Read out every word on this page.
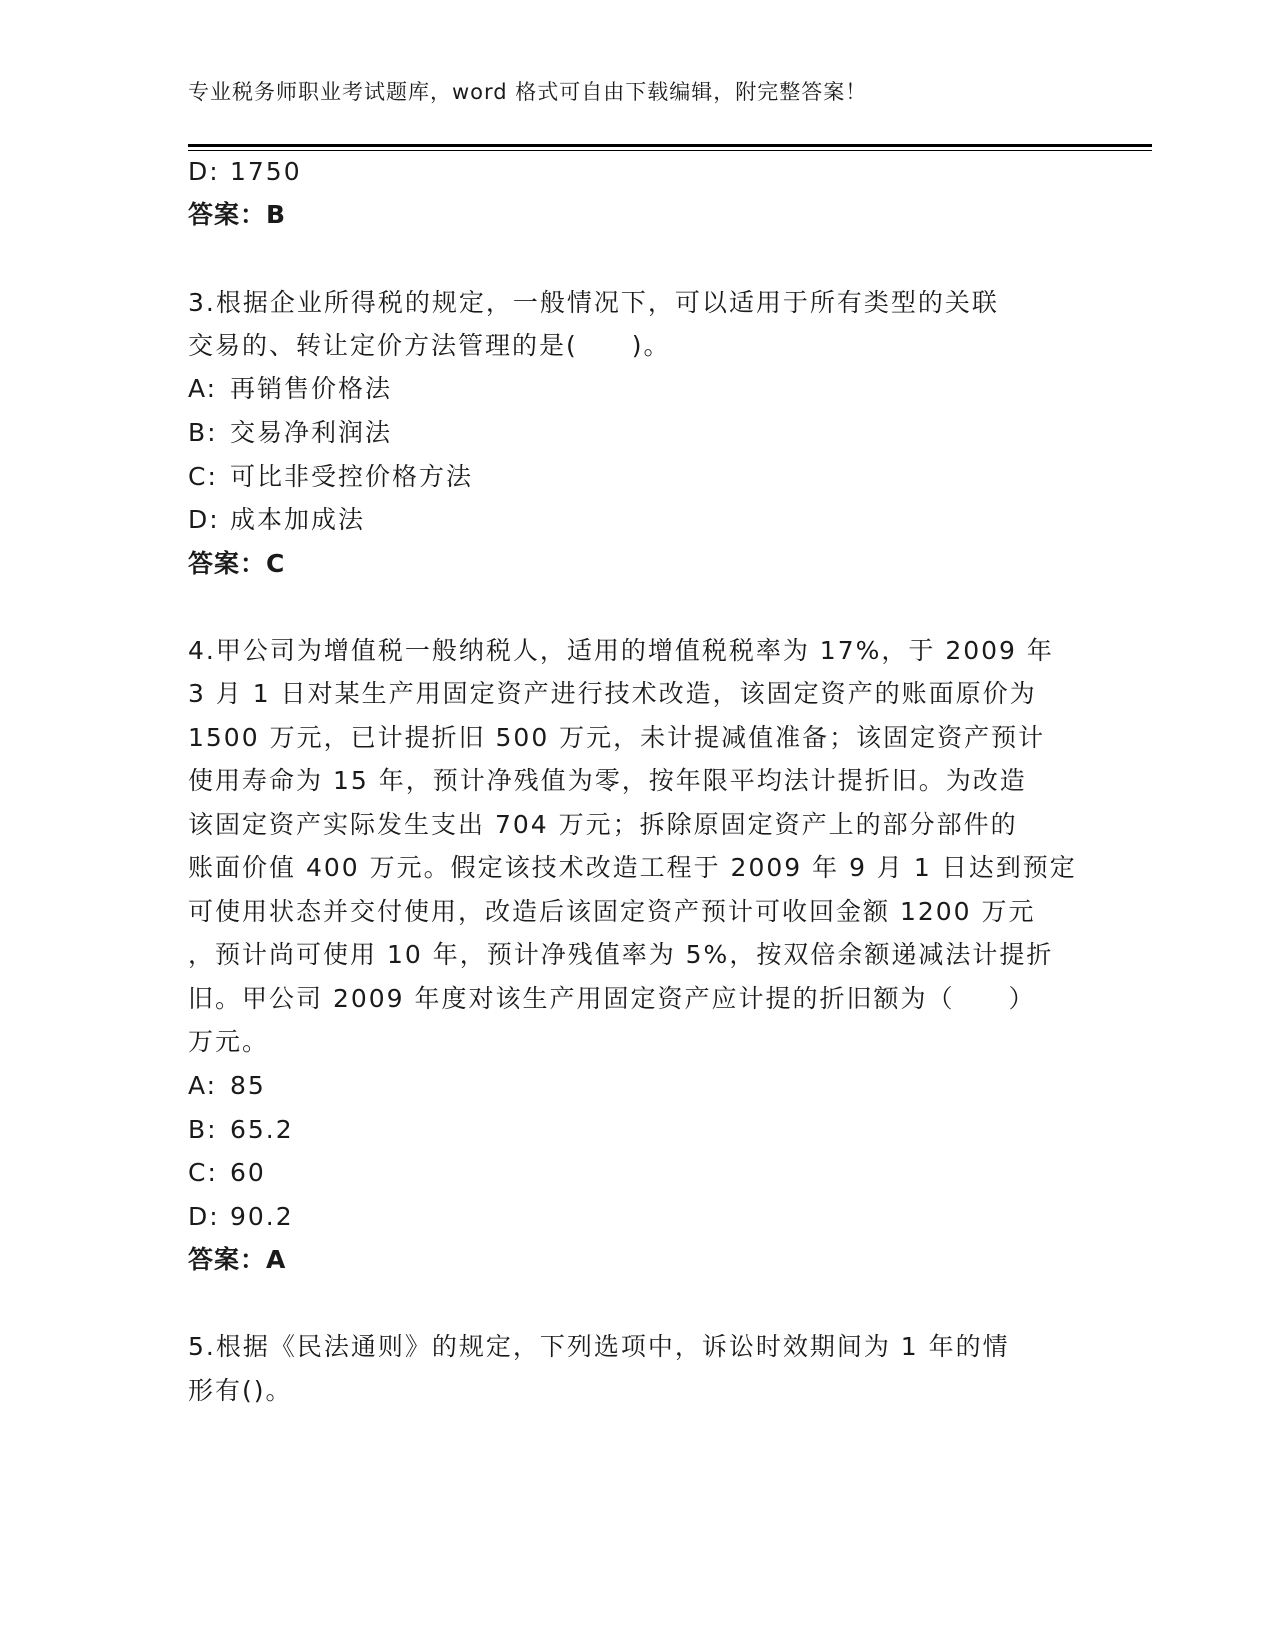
专业税务师职业考试题库，word 格式可自由下载编辑，附完整答案！
D: 1750
答案：B
3.根据企业所得税的规定，一般情况下，可以适用于所有类型的关联
交易的、转让定价方法管理的是(　　)。
A: 再销售价格法
B: 交易净利润法
C: 可比非受控价格方法
D: 成本加成法
答案：C
4.甲公司为增值税一般纳税人，适用的增值税税率为 17%，于 2009 年
3 月 1 日对某生产用固定资产进行技术改造，该固定资产的账面原价为
1500 万元，已计提折旧 500 万元，未计提减值准备；该固定资产预计
使用寿命为 15 年，预计净残值为零，按年限平均法计提折旧。为改造
该固定资产实际发生支出 704 万元；拆除原固定资产上的部分部件的
账面价值 400 万元。假定该技术改造工程于 2009 年 9 月 1 日达到预定
可使用状态并交付使用，改造后该固定资产预计可收回金额 1200 万元
，预计尚可使用 10 年，预计净残值率为 5%，按双倍余额递减法计提折
旧。甲公司 2009 年度对该生产用固定资产应计提的折旧额为（　　）
万元。
A: 85
B: 65.2
C: 60
D: 90.2
答案：A
5.根据《民法通则》的规定，下列选项中，诉讼时效期间为 1 年的情
形有()。
